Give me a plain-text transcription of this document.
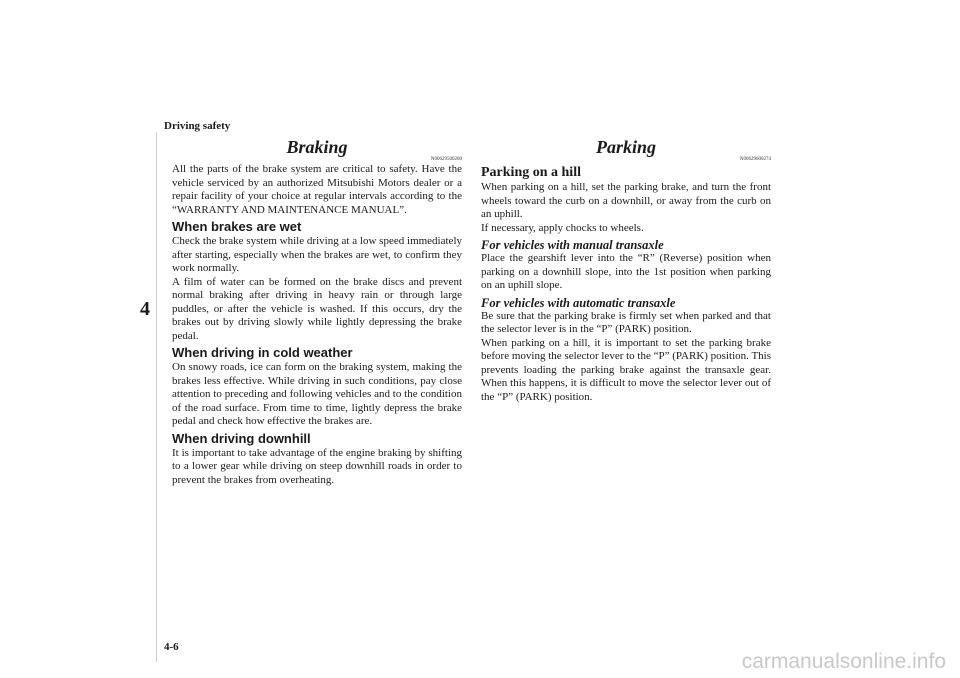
Driving safety
4
Braking
N00629500260

All the parts of the brake system are critical to safety. Have the vehicle serviced by an authorized Mitsubishi Motors dealer or a repair facility of your choice at regular intervals according to the “WARRANTY AND MAINTENANCE MANUAL”.

When brakes are wet

Check the brake system while driving at a low speed immediately after starting, especially when the brakes are wet, to confirm they work normally.

A film of water can be formed on the brake discs and prevent normal braking after driving in heavy rain or through large puddles, or after the vehicle is washed. If this occurs, dry the brakes out by driving slowly while lightly depressing the brake pedal.

When driving in cold weather

On snowy roads, ice can form on the braking system, making the brakes less effective. While driving in such conditions, pay close attention to preceding and following vehicles and to the condition of the road surface. From time to time, lightly depress the brake pedal and check how effective the brakes are.

When driving downhill

It is important to take advantage of the engine braking by shifting to a lower gear while driving on steep downhill roads in order to prevent the brakes from overheating.

Parking
N00629600274
Parking on a hill

When parking on a hill, set the parking brake, and turn the front wheels toward the curb on a downhill, or away from the curb on an uphill.

If necessary, apply chocks to wheels.

For vehicles with manual transaxle

Place the gearshift lever into the “R” (Reverse) position when parking on a downhill slope, into the 1st position when parking on an uphill slope.

For vehicles with automatic transaxle

Be sure that the parking brake is firmly set when parked and that the selector lever is in the “P” (PARK) position.

When parking on a hill, it is important to set the parking brake before moving the selector lever to the “P” (PARK) position. This prevents loading the parking brake against the transaxle gear. When this happens, it is difficult to move the selector lever out of the “P” (PARK) position.

4-6
carmanualsonline.info
